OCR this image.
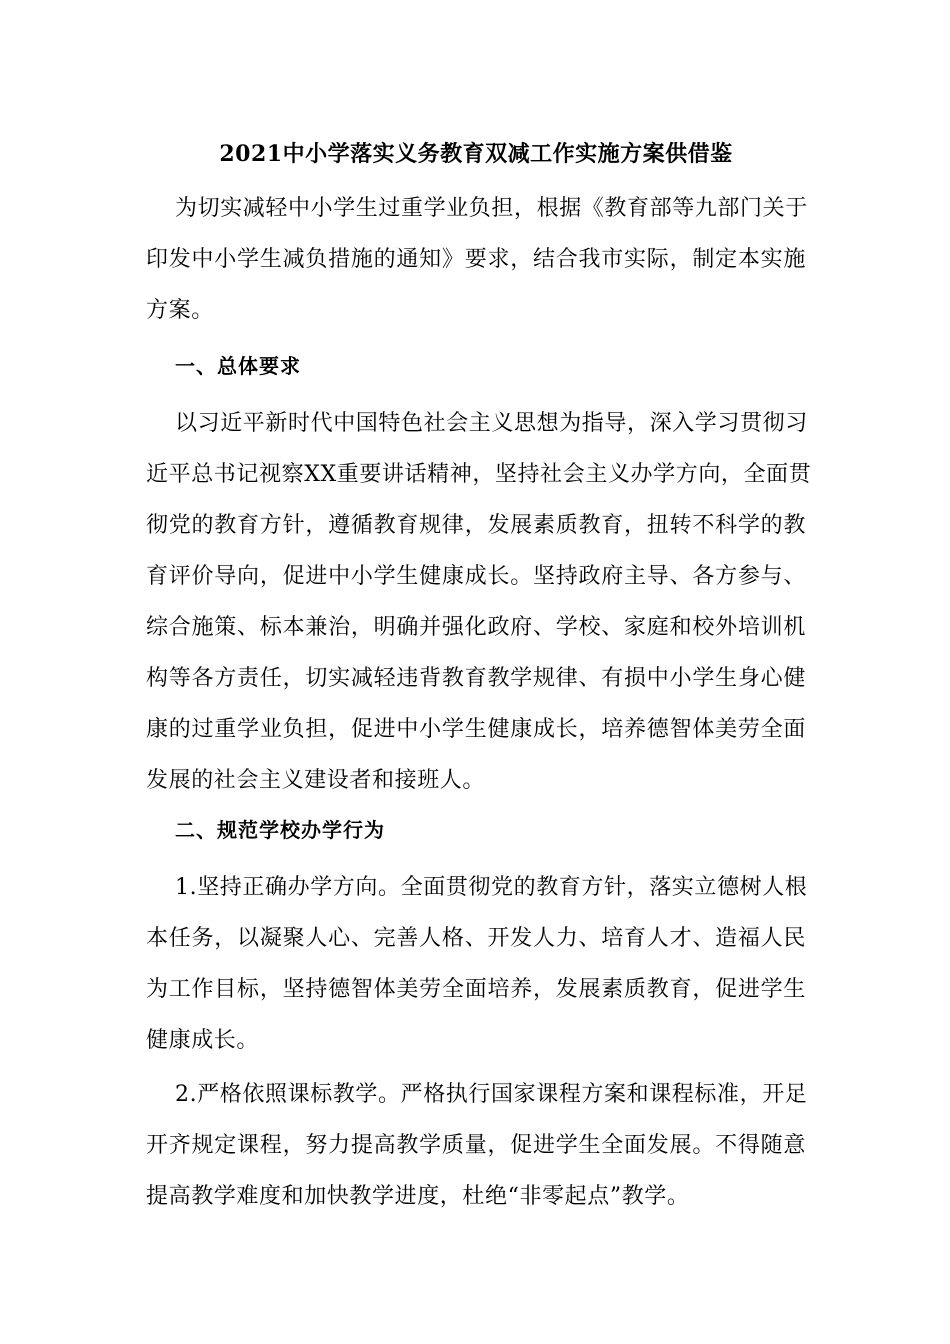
2021中小学落实义务教育双减工作实施方案供借鉴
为切实减轻中小学生过重学业负担，根据《教育部等九部门关于
印发中小学生减负措施的通知》要求，结合我市实际，制定本实施
方案。
一、总体要求
以习近平新时代中国特色社会主义思想为指导，深入学习贯彻习
近平总书记视察XX重要讲话精神，坚持社会主义办学方向，全面贯
彻党的教育方针，遵循教育规律，发展素质教育，扭转不科学的教
育评价导向，促进中小学生健康成长。坚持政府主导、各方参与、
综合施策、标本兼治，明确并强化政府、学校、家庭和校外培训机
构等各方责任，切实减轻违背教育教学规律、有损中小学生身心健
康的过重学业负担，促进中小学生健康成长，培养德智体美劳全面
发展的社会主义建设者和接班人。
二、规范学校办学行为
1.坚持正确办学方向。全面贯彻党的教育方针，落实立德树人根
本任务，以凝聚人心、完善人格、开发人力、培育人才、造福人民
为工作目标，坚持德智体美劳全面培养，发展素质教育，促进学生
健康成长。
2.严格依照课标教学。严格执行国家课程方案和课程标准，开足
开齐规定课程，努力提高教学质量，促进学生全面发展。不得随意
提高教学难度和加快教学进度，杜绝“非零起点”教学。
